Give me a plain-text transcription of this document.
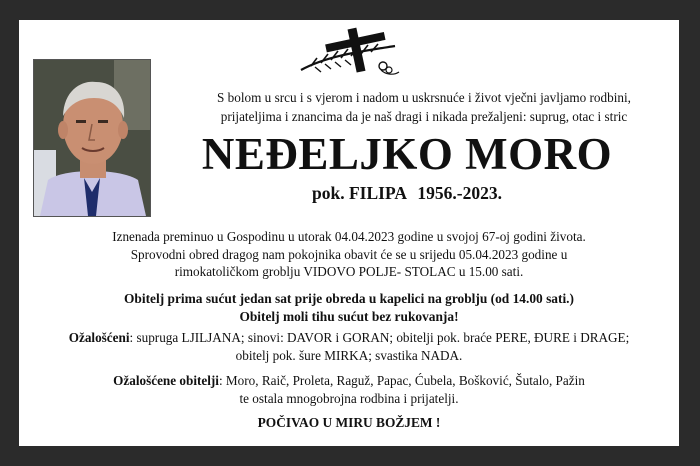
S bolom u srcu i s vjerom i nadom u uskrsnuće i život vječni javljamo rodbini,
prijateljima i znancima da je naš dragi i nikada prežaljeni: suprug, otac i stric
NEĐELJKO MORO
pok. FILIPA 1956.-2023.
Iznenada preminuo u Gospodinu u utorak 04.04.2023 godine u svojoj 67-oj godini života.
Sprovodni obred dragog nam pokojnika obavit će se u srijedu 05.04.2023 godine u
rimokatoličkom groblju VIDOVO POLJE- STOLAC u 15.00 sati.
Obitelj prima sućut jedan sat prije obreda u kapelici na groblju (od 14.00 sati.)
Obitelj moli tihu sućut bez rukovanja!
Ožalošćeni: supruga LJILJANA; sinovi: DAVOR i GORAN; obitelji pok. braće PERE, ĐURE i DRAGE;
obitelj pok. šure MIRKA; svastika NADA.
Ožalošćene obitelji: Moro, Raič, Proleta, Raguž, Papac, Ćubela, Bošković, Šutalo, Pažin
te ostala mnogobrojna rodbina i prijatelji.
POČIVAO U MIRU BOŽJEM !
